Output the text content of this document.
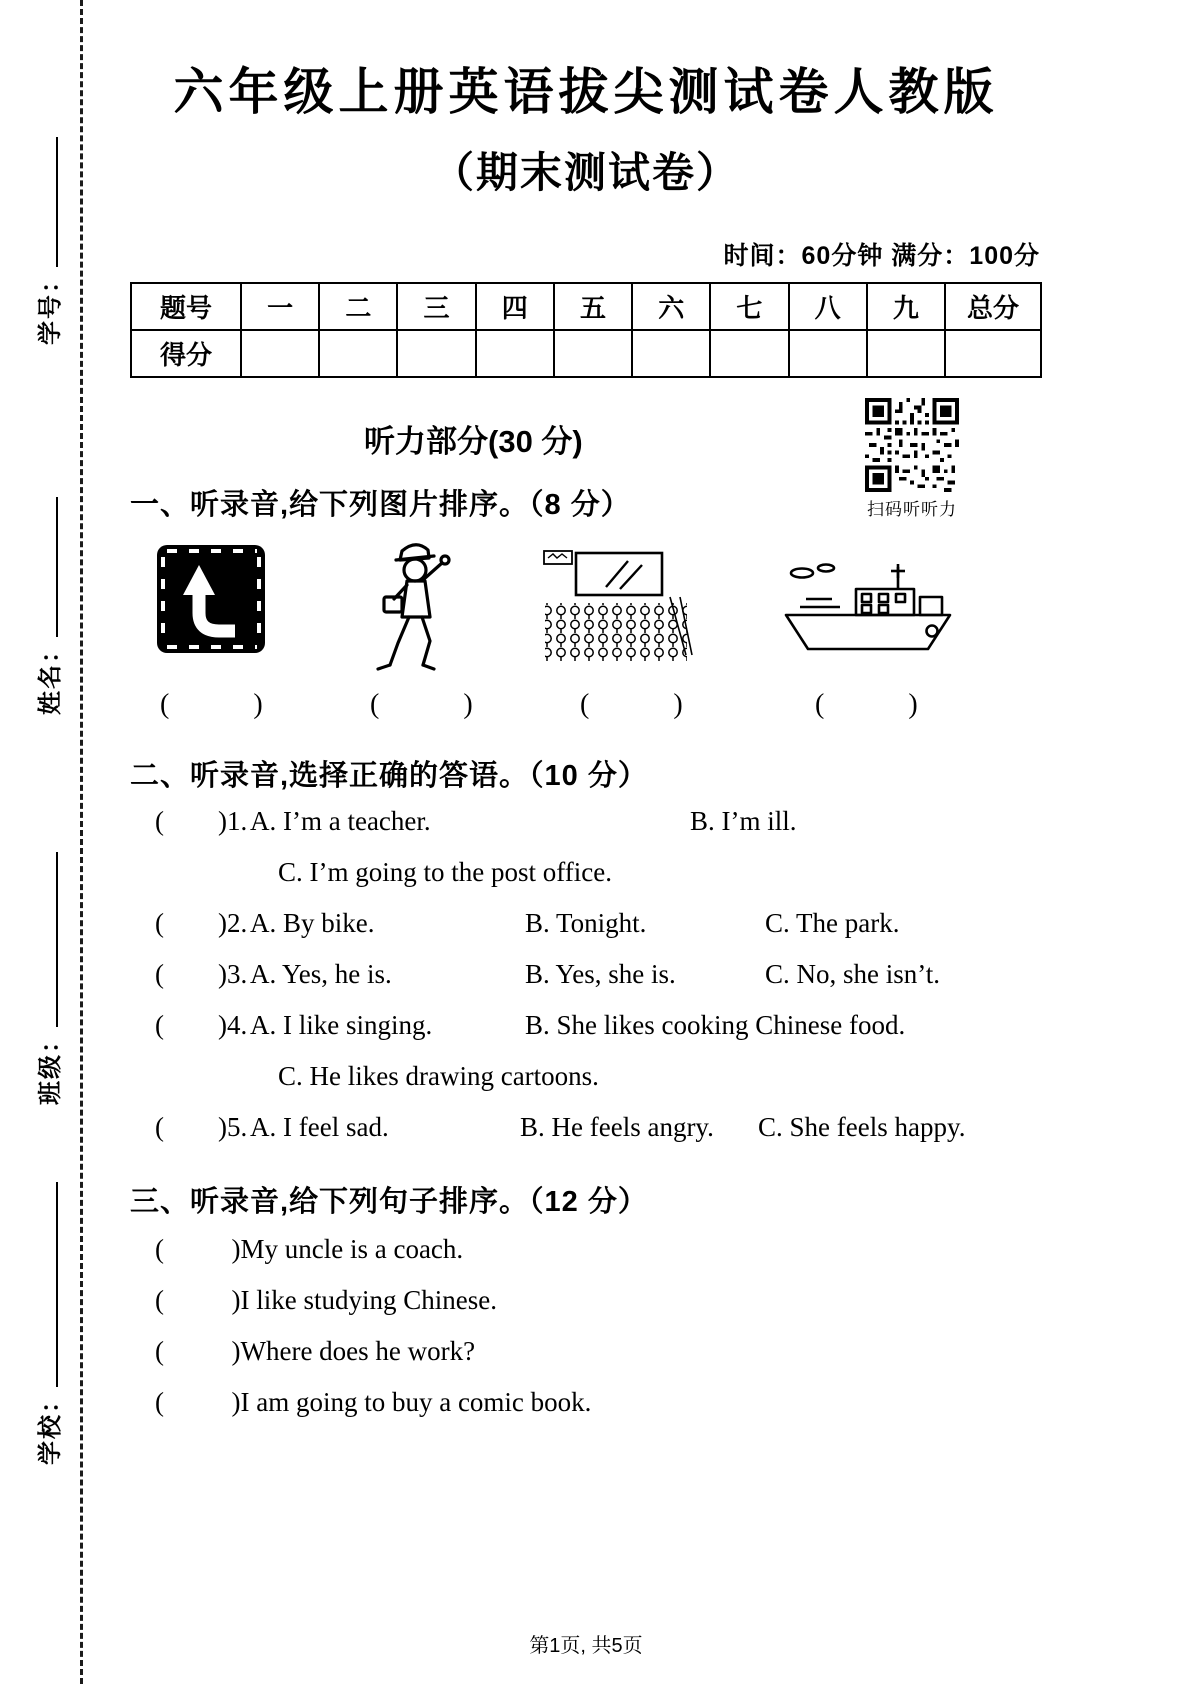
学号：
姓名：
班级：
学校：
扫码听听力
六年级上册英语拔尖测试卷人教版
（期末测试卷）
时间：60分钟 满分：100分
题号	一	二	三	四	五	六	七	八	九	总分
得分										
听力部分(30 分)
一、听录音,给下列图片排序。（8 分）
(            )	(            )	(            )	(            )
二、听录音,选择正确的答语。（10 分）
(        )1. A. I’m a teacher.	B. I’m ill.
C. I’m going to the post office.
(        )2. A. By bike.	B. Tonight.	C. The park.
(        )3. A. Yes, he is.	B. Yes, she is.	C. No, she isn’t.
(        )4. A. I like singing.	B. She likes cooking Chinese food.
C. He likes drawing cartoons.
(        )5. A. I feel sad.	B. He feels angry. C. She feels happy.
三、听录音,给下列句子排序。（12 分）
(          )My uncle is a coach.
(          )I like studying Chinese.
(          )Where does he work?
(          )I am going to buy a comic book.
第1页, 共5页
